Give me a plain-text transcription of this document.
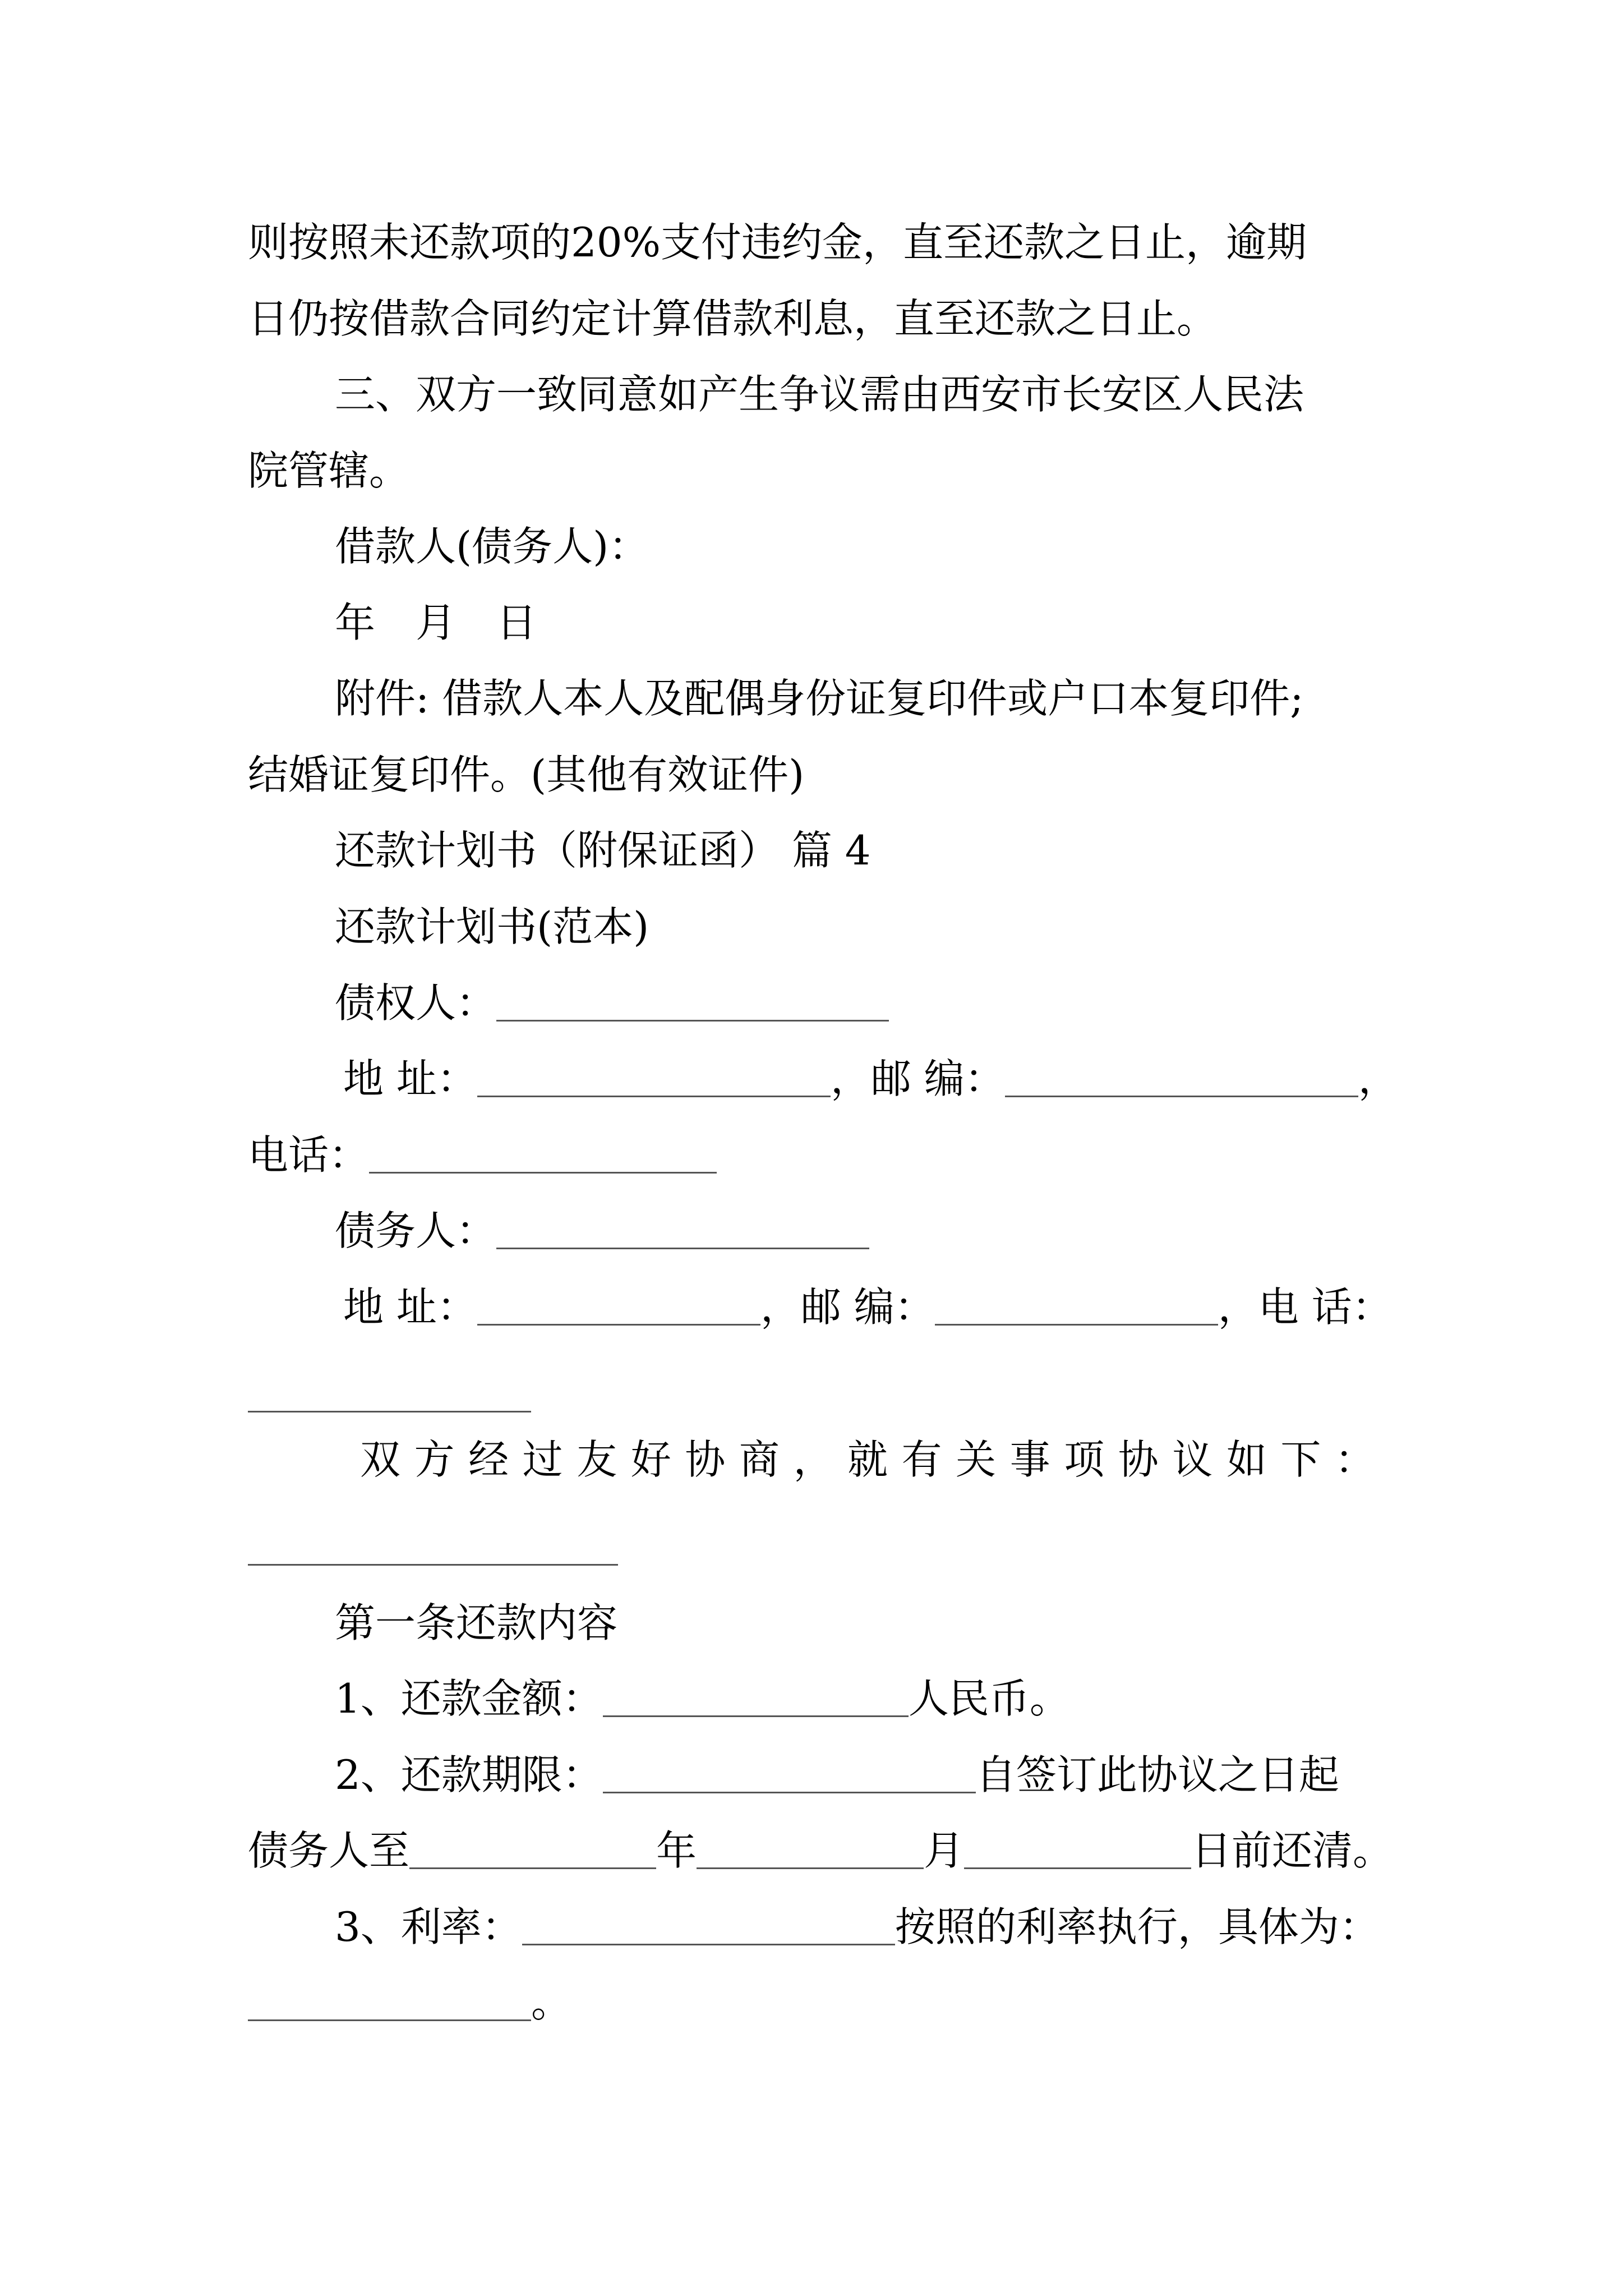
则按照未还款项的20%支付违约金，直至还款之日止，逾期
日仍按借款合同约定计算借款利息，直至还款之日止。
三、双方一致同意如产生争议需由西安市长安区人民法
院管辖。
借款人(债务人)：
年　月　日
附件: 借款人本人及配偶身份证复印件或户口本复印件;
结婚证复印件。(其他有效证件)
还款计划书（附保证函） 篇 4
还款计划书(范本)
债权人：
地 址：	，邮 编：	，
电话：
债务人：
地 址：	，邮 编：	，电 话：
双方经过友好协商，就有关事项协议如下：
第一条还款内容
1、还款金额：	人民币。
2、还款期限：	自签订此协议之日起
债务人至	年	月	日前还清。
3、利率：	按照的利率执行，具体为：
。
